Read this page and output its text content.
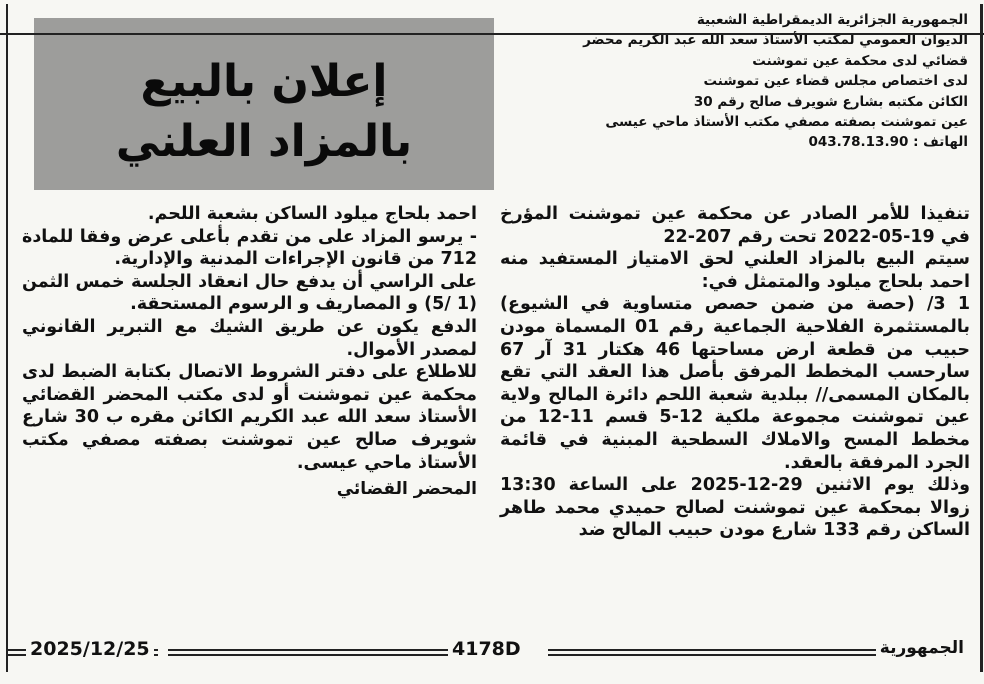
الجمهورية الجزائرية الديمقراطية الشعبية
الديوان العمومي لمكتب الأستاذ سعد الله عبد الكريم محضر
قضائي لدى محكمة عين تموشنت
لدى اختصاص مجلس قضاء عين تموشنت
الكائن مكتبه بشارع شويرف صالح رقم 30
عين تموشنت بصفته مصفي مكتب الأستاذ ماحي عيسى
الهاتف : 043.78.13.90
إعلان بالبيع
بالمزاد العلني

تنفيذا للأمر الصادر عن محكمة عين تموشنت المؤرخ في 19-05-2022 تحت رقم 207-22

سيتم البيع بالمزاد العلني لحق الامتياز المستفيد منه احمد بلحاج ميلود والمتمثل في:

1 3/ (حصة من ضمن حصص متساوية في الشيوع) بالمستثمرة الفلاحية الجماعية رقم 01 المسماة مودن حبيب من قطعة ارض مساحتها 46 هكتار 31 آر 67 سارحسب المخطط المرفق بأصل هذا العقد التي تقع بالمكان المسمى// ببلدية شعبة اللحم دائرة المالح ولاية عين تموشنت مجموعة ملكية 12-5 قسم 11-12 من مخطط المسح والاملاك السطحية المبنية في قائمة الجرد المرفقة بالعقد.

وذلك يوم الاثنين 29-12-2025 على الساعة 13:30 زوالا بمحكمة عين تموشنت لصالح حميدي محمد طاهر الساكن رقم 133 شارع مودن حبيب المالح ضد

احمد بلحاج ميلود الساكن بشعبة اللحم.

- يرسو المزاد على من تقدم بأعلى عرض وفقا للمادة 712 من قانون الإجراءات المدنية والإدارية.

على الراسي أن يدفع حال انعقاد الجلسة خمس الثمن (1 /5) و المصاريف و الرسوم المستحقة.

الدفع يكون عن طريق الشيك مع التبرير القانوني لمصدر الأموال.

للاطلاع على دفتر الشروط الاتصال بكتابة الضبط لدى محكمة عين تموشنت أو لدى مكتب المحضر القضائي الأستاذ سعد الله عبد الكريم الكائن مقره ب 30 شارع شويرف صالح عين تموشنت بصفته مصفي مكتب الأستاذ ماحي عيسى.

المحضر القضائي

2025/12/25	4178D	الجمهورية
